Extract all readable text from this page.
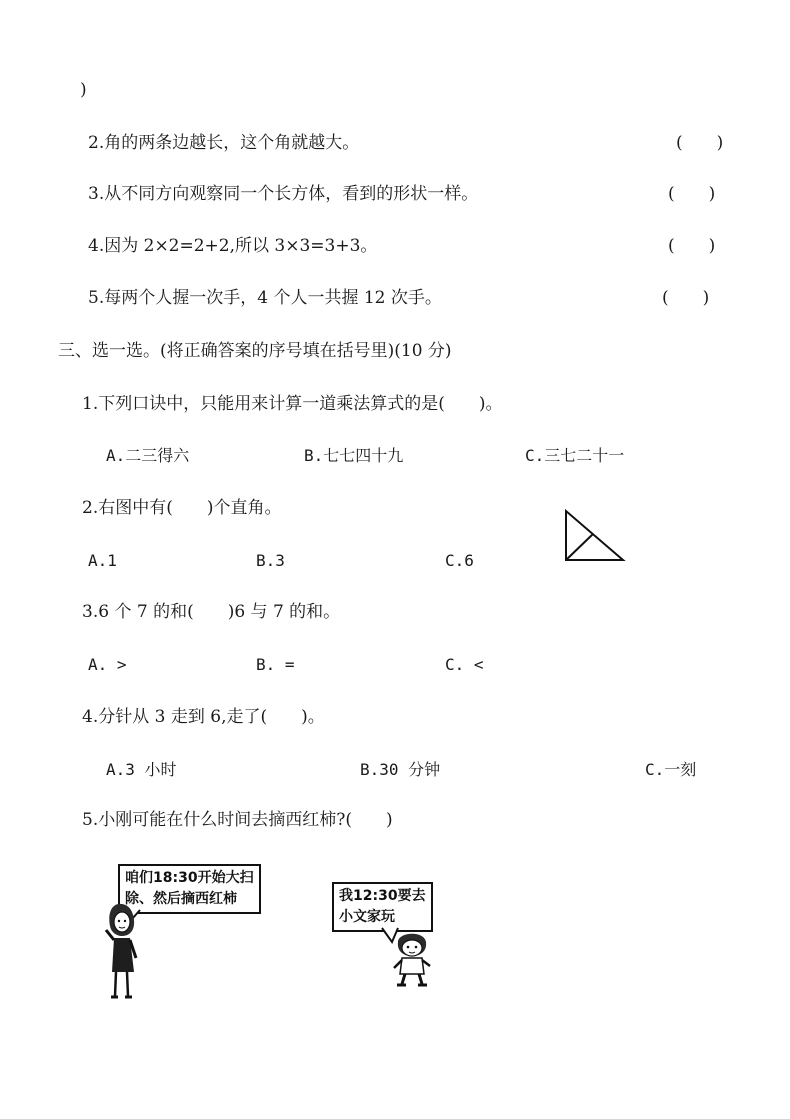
)
2.角的两条边越长，这个角就越大。	(　　)
3.从不同方向观察同一个长方体，看到的形状一样。	(　　)
4.因为 2×2=2+2,所以 3×3=3+3。	(　　)
5.每两个人握一次手，4 个人一共握 12 次手。	(　　)
三、选一选。(将正确答案的序号填在括号里)(10 分)
1.下列口诀中，只能用来计算一道乘法算式的是(　　)。
A.二三得六	B.七七四十九	C.三七二十一
2.右图中有(　　)个直角。
A.1	B.3	C.6
3.6 个 7 的和(　　)6 与 7 的和。
A. >	B. =	C. <
4.分针从 3 走到 6,走了(　　)。
A.3 小时	B.30 分钟	C.一刻
5.小刚可能在什么时间去摘西红柿?(　　)
咱们18:30开始大扫
除、然后摘西红柿	我12:30要去
小文家玩
